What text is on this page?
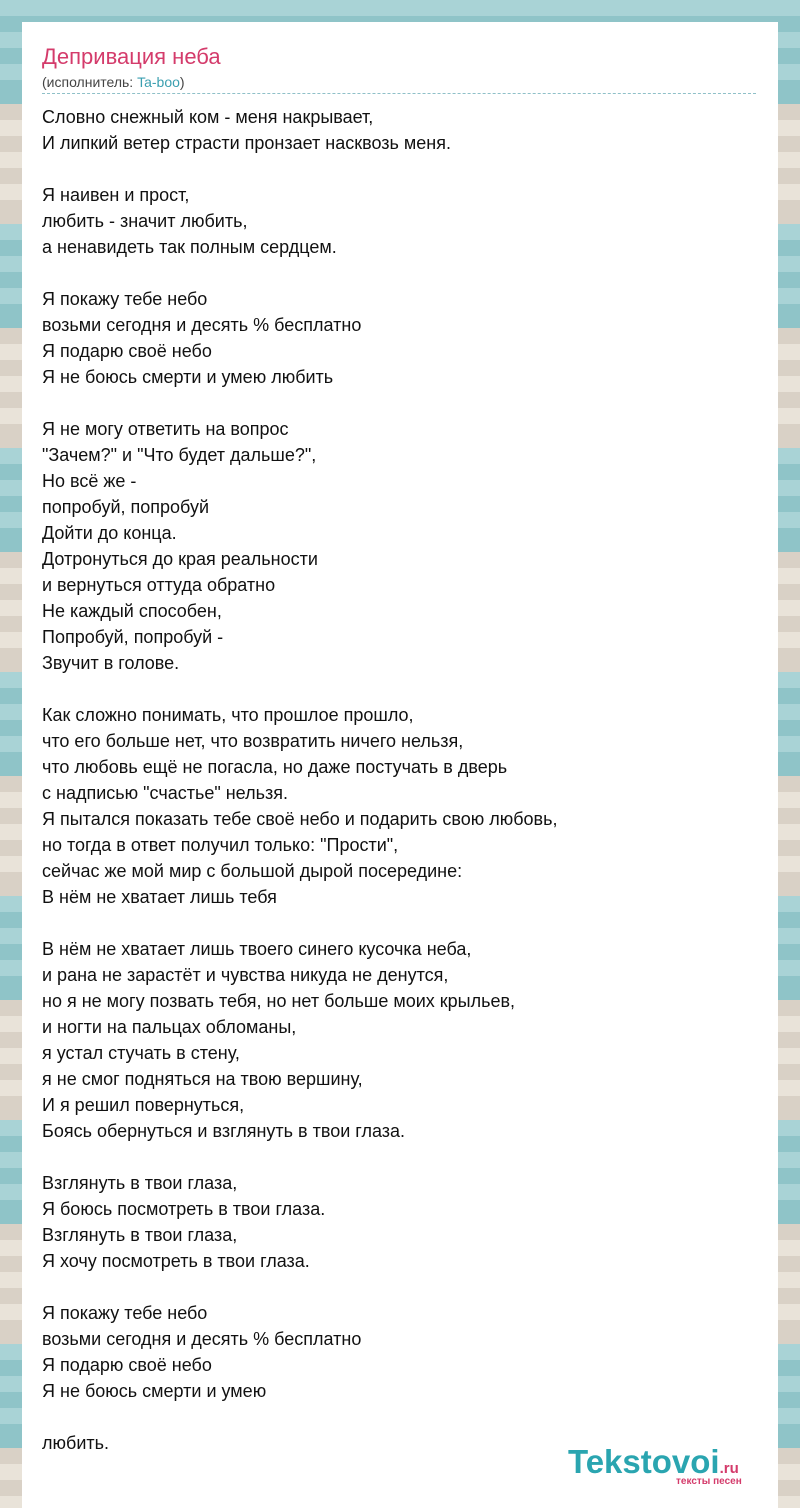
Депривация неба
(исполнитель: Ta-boo)
Словно снежный ком - меня накрывает,
И липкий ветер страсти пронзает насквозь меня.
Я наивен и прост,
любить - значит любить,
а ненавидеть так полным сердцем.
Я покажу тебе небо
возьми сегодня и десять % бесплатно
Я подарю своё небо
Я не боюсь смерти и умею любить
Я не могу ответить на вопрос
"Зачем?" и "Что будет дальше?",
Но всё же -
попробуй, попробуй
Дойти до конца.
Дотронуться до края реальности
и вернуться оттуда обратно
Не каждый способен,
Попробуй, попробуй -
Звучит в голове.
Как сложно понимать, что прошлое прошло,
что его больше нет, что возвратить ничего нельзя,
что любовь ещё не погасла, но даже постучать в дверь
с надписью "счастье" нельзя.
Я пытался показать тебе своё небо и подарить свою любовь,
но тогда в ответ получил только: "Прости",
сейчас же мой мир с большой дырой посередине:
В нём не хватает лишь тебя
В нём не хватает лишь твоего синего кусочка неба,
и рана не зарастёт и чувства никуда не денутся,
но я не могу позвать тебя, но нет больше моих крыльев,
и ногти на пальцах обломаны,
я устал стучать в стену,
я не смог подняться на твою вершину,
И я решил повернуться,
Боясь обернуться и взглянуть в твои глаза.
Взглянуть в твои глаза,
Я боюсь посмотреть в твои глаза.
Взглянуть в твои глаза,
Я хочу посмотреть в твои глаза.
Я покажу тебе небо
возьми сегодня и десять % бесплатно
Я подарю своё небо
Я не боюсь смерти и умею
любить.	Tekstovoi.ru
тексты песен
